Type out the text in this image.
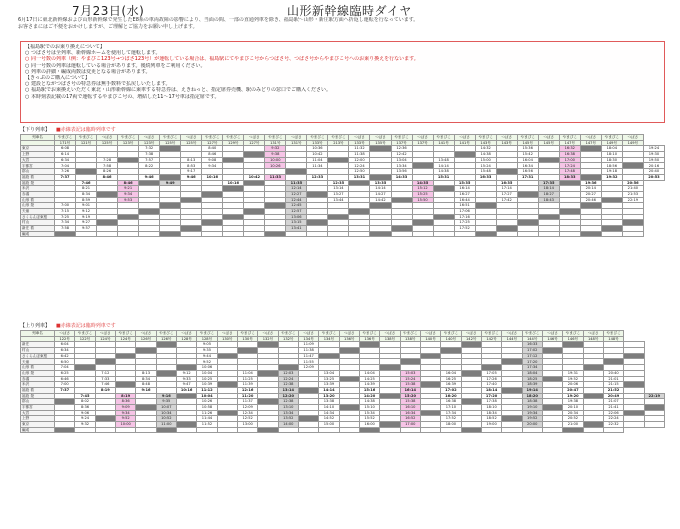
7月23日(水)	山形新幹線臨時ダイヤ
6月17日に東北新幹線および山形新幹線で発生したE8系の車両故障の影響により、当面の間、一部の直通列車を除き、福島駅〜山形・新庄駅方面へ折返し運転を行なっています。
お客さまにはご不便をおかけしますが、ご理解とご協力をお願い申し上げます。
【福島駅でのお乗り換えについて】
○ つばさ号は全列車、新幹線ホームを使用して運転します。
○ 同一号数の列車（例：やまびこ123号→つばさ123号）が運転している場合は、福島駅にてやまびこ号からつばさ号、つばさ号からやまびこ号へのお乗り換えを行ないます。
○ 同一号数の列車は運転している場合があります。後続列車をご利用ください。
○ 列車の詳細・編成両数は変更となる場合があります。
【きっぷのご購入について】
○ 建設とながつばさ号の特急券は無手数料で払戻しいたします。
○ 福島駅でお乗換えいただく東北・山形新幹線に乗車する特急券は、えきねっと、指定席券売機、駅のみどりの窓口でご購入ください。
○ 本時刻表記載の17両で運転するやまびこ号の、増結した11〜17号車は指定席です。
【下り列車】 ■赤線表記は臨時列車です
列車名	やまびこ	やまびこ	つばさ	やまびこ	つばさ	やまびこ	つばさ	やまびこ	やまびこ	つばさ	やまびこ	つばさ	やまびこ	やまびこ	つばさ	つばさ	やまびこ	つばさ	やまびこ	つばさ	やまびこ	つばさ	やまびこ	つばさ	やまびこ	つばさ	やまびこ	つばさ	
	171号	121号	125号	123号	123号	125号	125号	127号	129号	127号	131号	131号	133号	213号	133号	135号	137号	137号	141号	141号	143号	143号	145号	145号	147号	147号	149号	149号	
東京	6:08				7:32			8:40			9:32		10:36		11:32		12:36				14:32		15:36		16:32		18:04		19:24
上野	6:14				7:38			8:46			9:38		10:42		11:38		12:42				14:38		15:42		16:38		18:10		19:30
大宮	6:34		7:28		7:57		8:13	9:08			10:00		11:04		12:00		13:04		13:48		15:00		16:04		17:00		18:30		19:50
宇都宮	7:04		7:58		8:22		8:53	9:34			10:26		11:34		12:24		13:34		14:14		15:24		16:34		17:24		18:56		20:16
郡山	7:26		8:26				9:17								12:50		13:56		14:38		15:48		16:56		17:48		19:18		20:40
福島 着	7:37		8:46		9:46		9:46	10:16		10:42	11:33		12:33		13:31		14:33		15:31		16:33		17:31		18:33		19:32		20:53
福島 発		7:46		8:46		9:49			10:16			11:35		12:35		13:35		14:35		15:35		16:35		17:35		19:36		20:56	
米沢		8:21		9:21								12:14		13:14		14:14		15:12		16:14		17:14		18:14		20:14		21:40	
赤湯		8:34		9:34								12:27		13:27		14:27		15:25		16:27		17:27		18:27		20:27		21:53	
山形 着		8:59		9:53								12:44		13:44		14:42		15:50		16:44		17:42		18:43		20:46		22:19	
山形 発	7:00	9:01										12:45								16:51									
天童	7:15	9:12										12:57								17:06									
さくらんぼ東根	7:25	9:19										13:06								17:16									
村山	7:34	9:27										13:15								17:25									
新庄 着	7:58	9:57										13:41								17:52									
編成																													
【上り列車】 ■赤線表記は臨時列車です
列車名	つばさ	やまびこ	つばさ	やまびこ	つばさ	やまびこ	つばさ	やまびこ	つばさ	やまびこ	つばさ	やまびこ	つばさ	やまびこ	つばさ	やまびこ	つばさ	やまびこ	つばさ	やまびこ	つばさ	やまびこ	つばさ	やまびこ	つばさ	やまびこ	つばさ	やまびこ		
	122号	122号	124号	124号	126号	126号	128号	128号	130号	130号	132号	132号	134号	134号	136号	136号	138号	138号	140号	140号	142号	142号	144号	144号	146号	146号	148号	148号		
新庄	6:04							9:05					11:09											16:33						
村山	6:34							9:35					11:38											17:02						
さくらんぼ東根	6:42							9:44					11:47											17:12						
天童	6:50							9:52					11:55											17:20						
山形 着	7:04							10:06					12:09											17:34						
山形 発	6:25		7:12		8:13		9:12	10:04		11:04		12:03		13:04		14:04		15:03		16:04		17:05		18:04		19:31		20:40		
赤湯	6:46		7:33		8:34		9:33	10:25		11:25		12:24		13:25		14:25		15:24		16:25		17:26		18:25		19:52		21:01		
米沢	7:00		7:46		8:48		9:47	10:39		11:39		12:38		13:39		14:39		15:38		16:39		17:40		18:39		20:06		21:15		
福島 着	7:37		8:19		9:16		10:16	11:12		12:16		13:14		14:14		15:16		16:14		17:02		18:14		19:14		20:47		21:52		
福島 発		7:45		8:19		9:16		10:04		11:20		12:20		13:20		14:20		15:20		16:20		17:20		18:20		19:20		20:49		22:19
郡山		8:02		8:36		9:35		10:26		11:37		12:38		13:38		14:38		15:38		16:38		17:38		18:38		19:38		21:07		
宇都宮		8:36		9:09		10:07		10:58		12:09		13:10		14:10		15:10		16:10		17:10		18:10		19:10		20:10		21:41		
大宮		9:06		9:34		10:34		11:26		12:34		13:34		14:34		15:34		16:34		17:34		18:34		19:34		20:34		22:06		
上野		9:24		9:52		10:52		11:44		12:52		13:52		14:52		15:52		16:52		17:52		18:52		19:52		20:52		22:24		
東京		9:32		10:00		11:00		11:52		13:00		14:00		15:00		16:00		17:00		18:00		19:00		20:00		21:00		22:32		
編成																														
